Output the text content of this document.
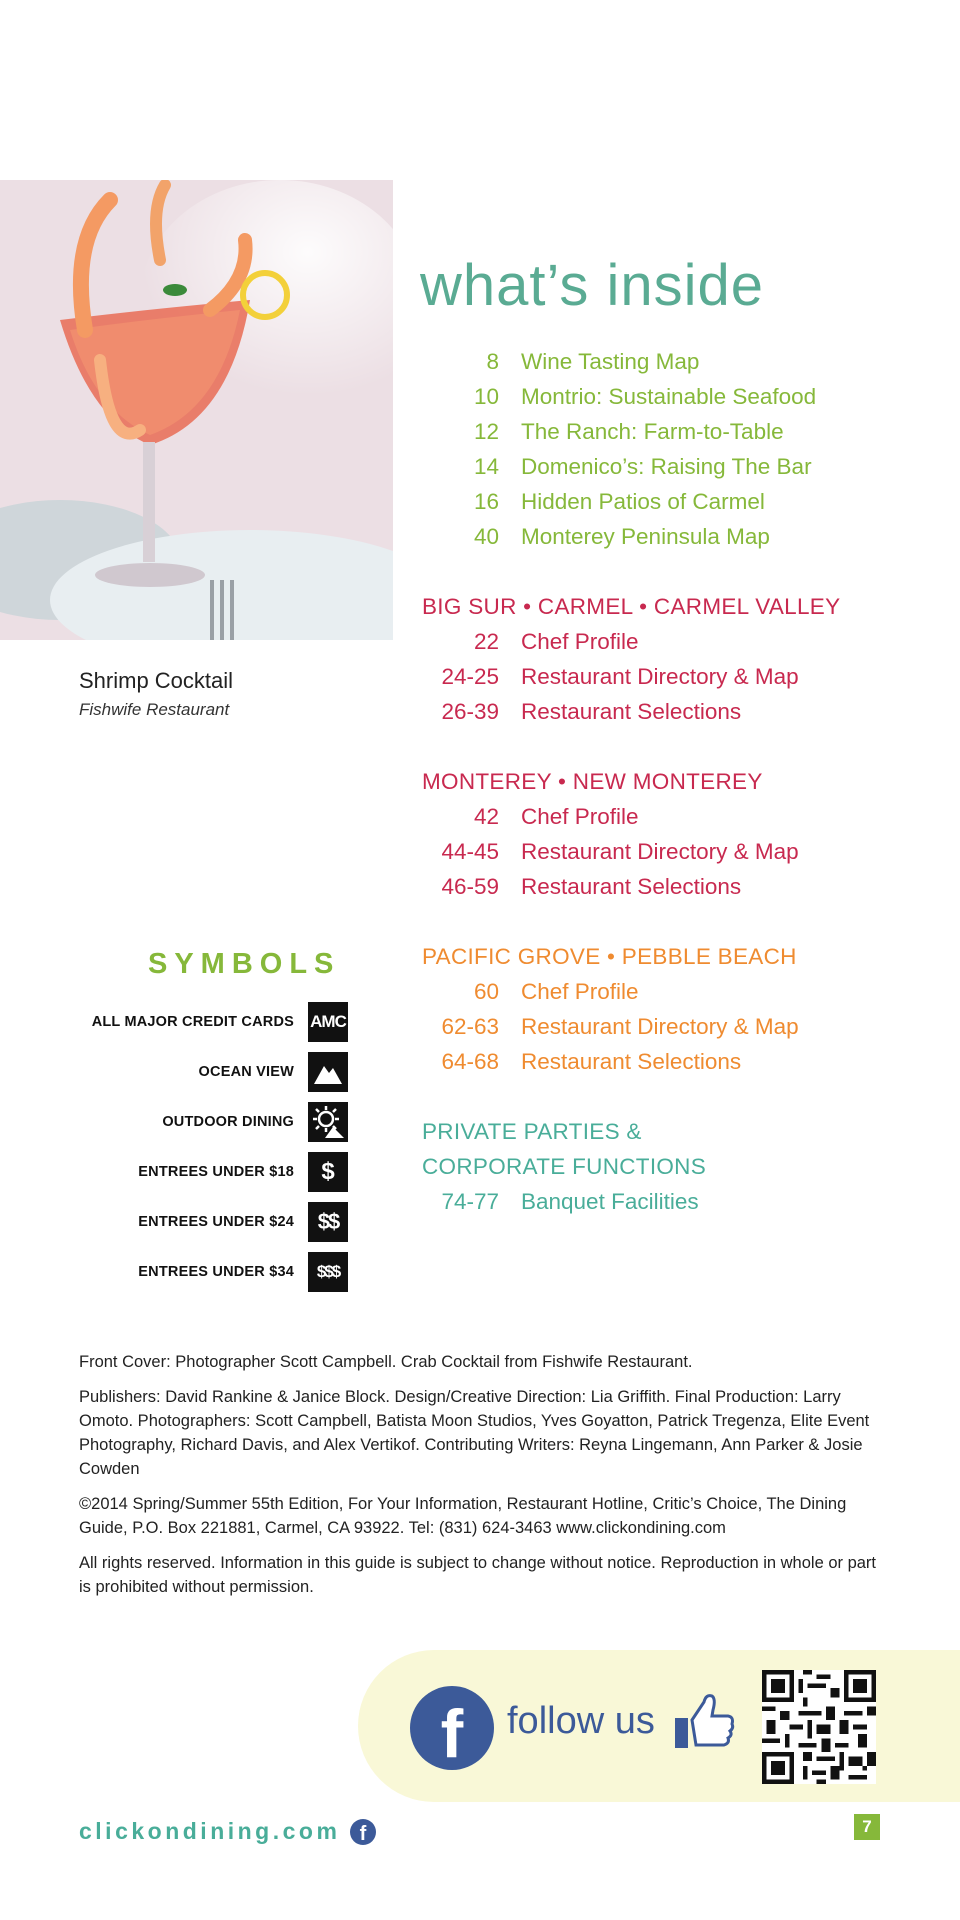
Shrimp Cocktail
Fishwife Restaurant
what’s inside
8 Wine Tasting Map
10 Montrio: Sustainable Seafood
12 The Ranch: Farm-to-Table
14 Domenico’s: Raising The Bar
16 Hidden Patios of Carmel
40 Monterey Peninsula Map
BIG SUR • CARMEL • CARMEL VALLEY
22 Chef Profile
24-25 Restaurant Directory & Map
26-39 Restaurant Selections
MONTEREY • NEW MONTEREY
42 Chef Profile
44-45 Restaurant Directory & Map
46-59 Restaurant Selections
PACIFIC GROVE • PEBBLE BEACH
60 Chef Profile
62-63 Restaurant Directory & Map
64-68 Restaurant Selections
PRIVATE PARTIES &
CORPORATE FUNCTIONS
74-77 Banquet Facilities
SYMBOLS
ALL MAJOR CREDIT CARDS AMC
OCEAN VIEW
OUTDOOR DINING
ENTREES UNDER $18	$
ENTREES UNDER $24	$$
ENTREES UNDER $34	$$$

Front Cover: Photographer Scott Campbell. Crab Cocktail from Fishwife Restaurant.

Publishers: David Rankine & Janice Block. Design/Creative Direction: Lia Griffith. Final Production: Larry Omoto. Photographers: Scott Campbell, Batista Moon Studios, Yves Goyatton, Patrick Tregenza, Elite Event Photography, Richard Davis, and Alex Vertikof. Contributing Writers: Reyna Lingemann, Ann Parker & Josie Cowden

©2014 Spring/Summer 55th Edition, For Your Information, Restaurant Hotline, Critic’s Choice, The Dining Guide, P.O. Box 221881, Carmel, CA 93922. Tel: (831) 624-3463 www.clickondining.com

All rights reserved. Information in this guide is subject to change without notice. Reproduction in whole or part is prohibited without permission.

f	follow us
clickondining.com f	7
